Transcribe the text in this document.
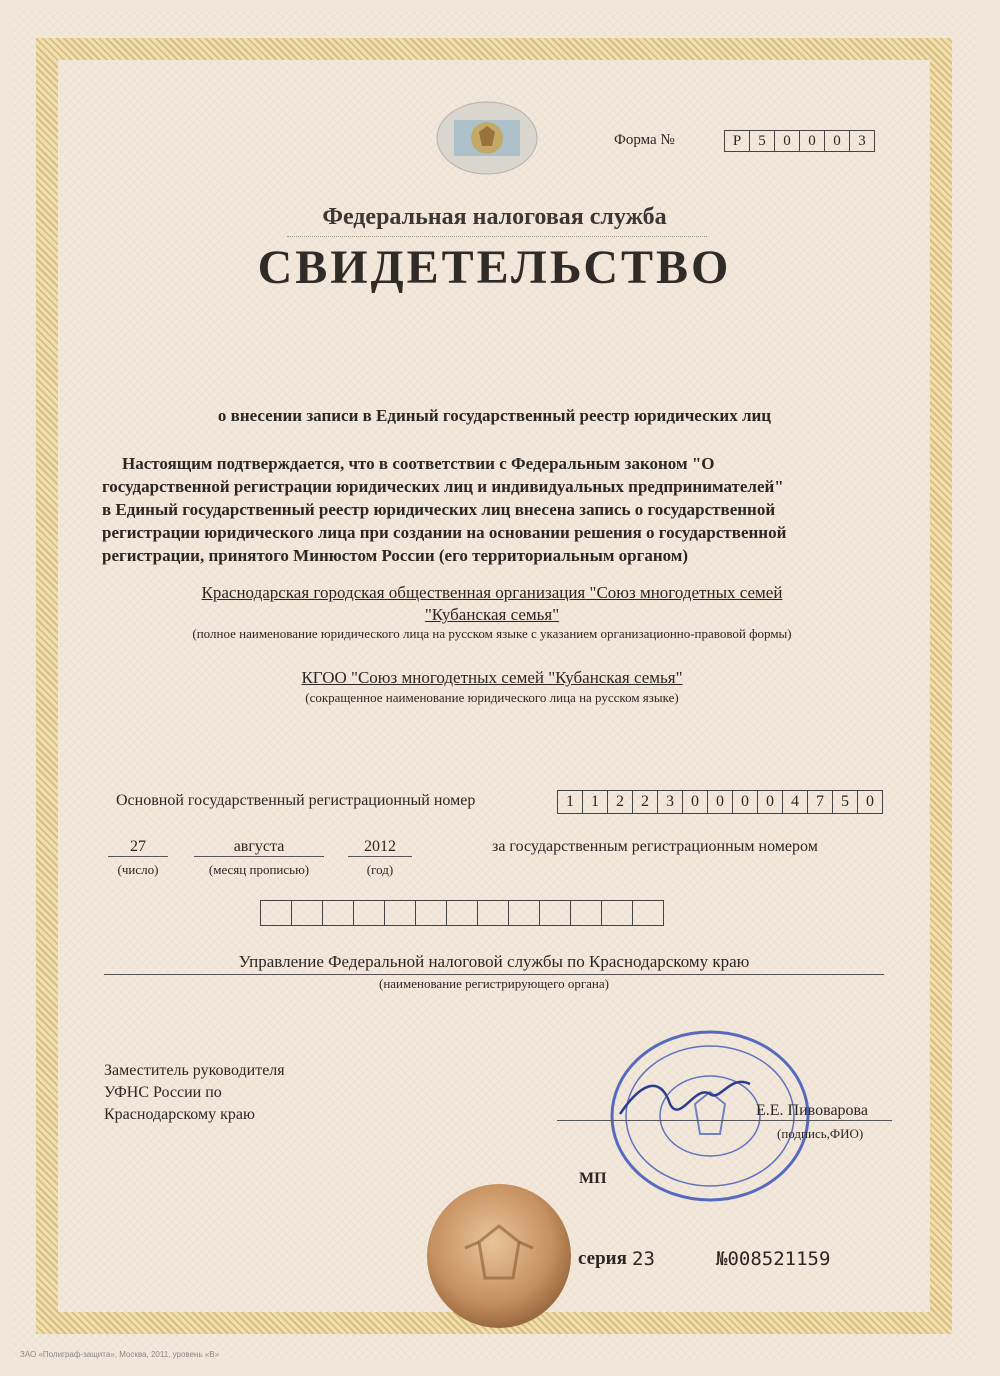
Форма №	Р	5	0	0	0	3
Федеральная налоговая служба
СВИДЕТЕЛЬСТВО
о внесении записи в Единый государственный реестр юридических лиц
Настоящим подтверждается, что в соответствии с Федеральным законом "О
государственной регистрации юридических лиц и индивидуальных предпринимателей"
в Единый государственный реестр юридических лиц внесена запись о государственной
регистрации юридического лица при создании на основании решения о государственной
регистрации, принятого Минюстом России (его территориальным органом)
Краснодарская городская общественная организация "Союз многодетных семей
"Кубанская семья"
(полное наименование юридического лица на русском языке с указанием организационно-правовой формы)
КГОО "Союз многодетных семей "Кубанская семья"
(сокращенное наименование юридического лица на русском языке)
Основной государственный регистрационный номер	1	1	2	2	3	0	0	0	0	4	7	5	0
27
(число)
августа
(месяц прописью)
2012
(год)
за государственным регистрационным номером
Управление Федеральной налоговой службы по Краснодарскому краю
(наименование регистрирующего органа)
Заместитель руководителя
УФНС России по
Краснодарскому краю	Е.Е. Пивоварова
(подпись,ФИО)
МП
серия 23	№008521159
ЗАО «Полиграф-защита», Москва, 2011, уровень «В»
